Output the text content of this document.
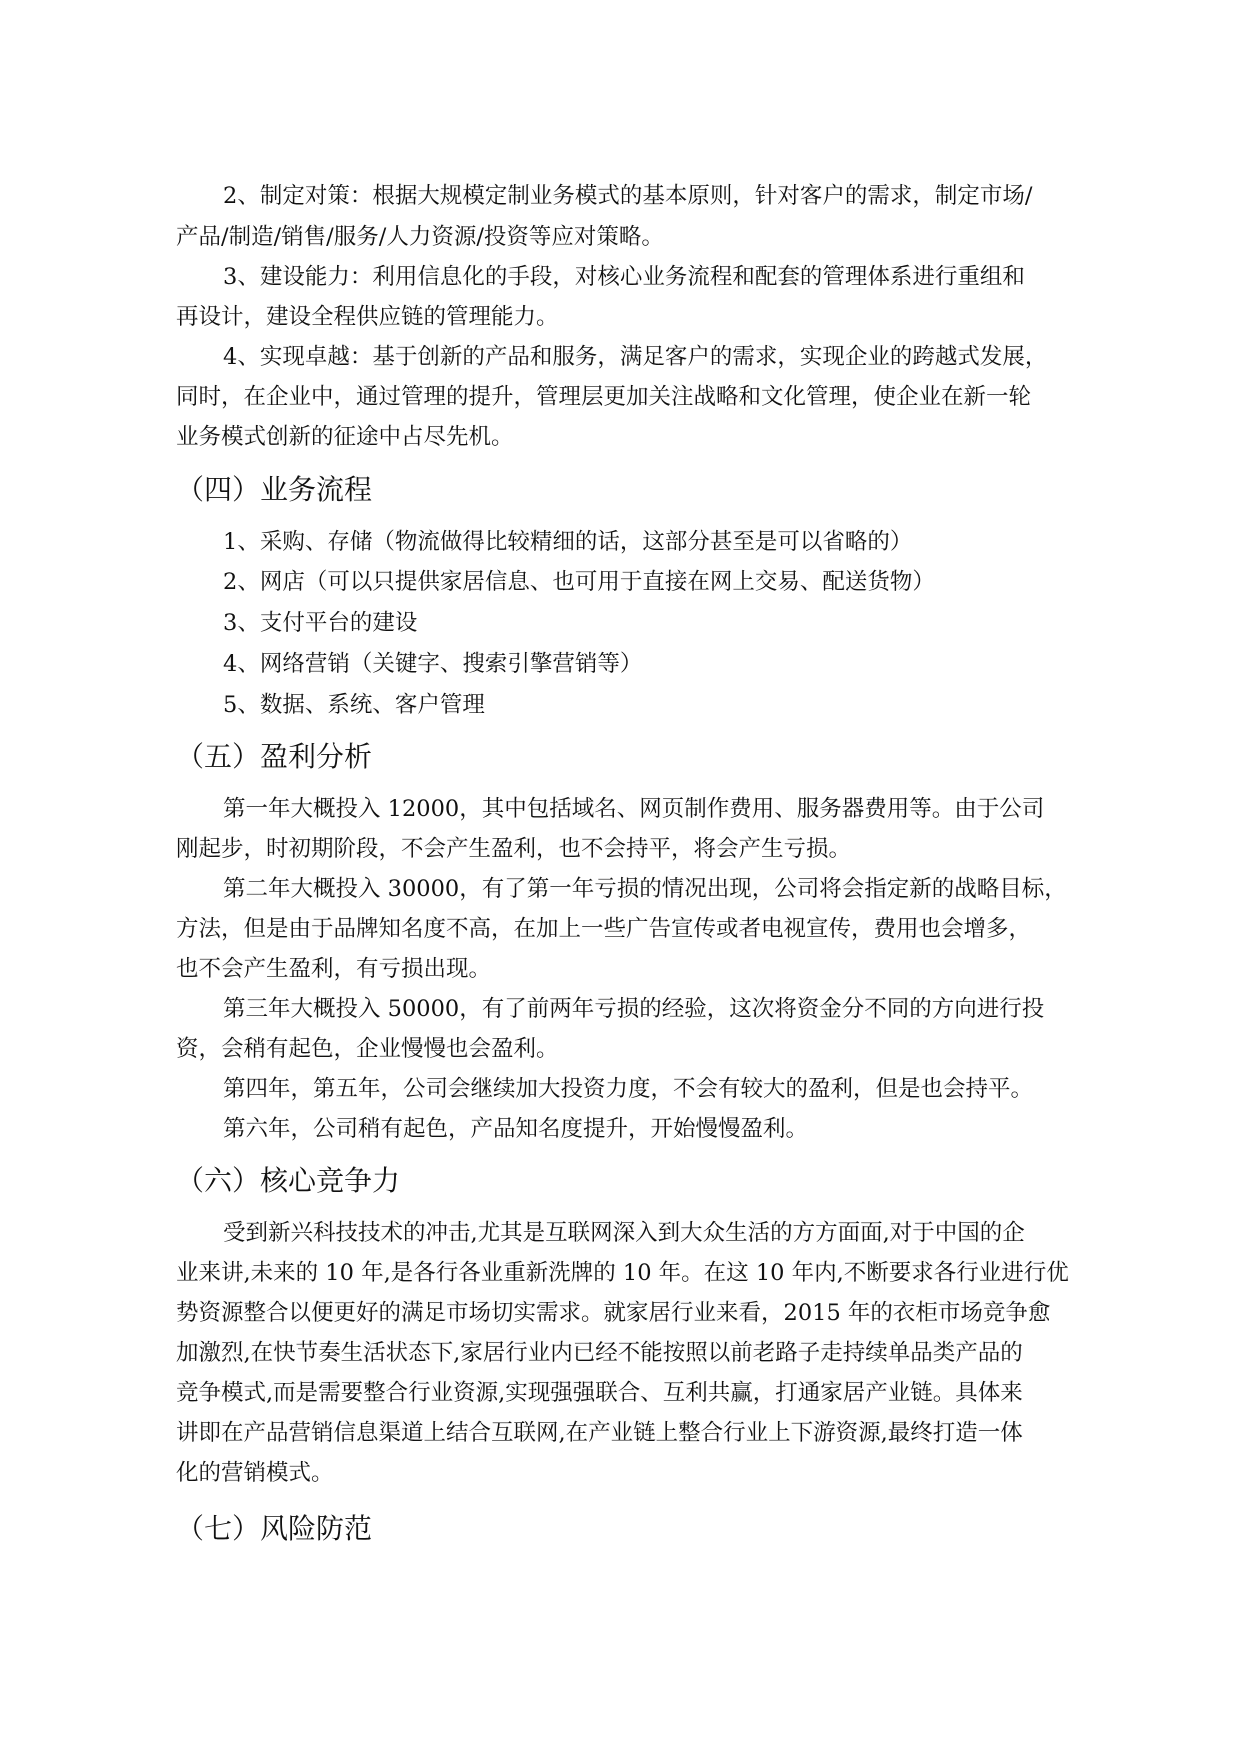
2、制定对策：根据大规模定制业务模式的基本原则，针对客户的需求，制定市场/
产品/制造/销售/服务/人力资源/投资等应对策略。
3、建设能力：利用信息化的手段，对核心业务流程和配套的管理体系进行重组和
再设计，建设全程供应链的管理能力。
4、实现卓越：基于创新的产品和服务，满足客户的需求，实现企业的跨越式发展，
同时，在企业中，通过管理的提升，管理层更加关注战略和文化管理，使企业在新一轮
业务模式创新的征途中占尽先机。
（四）业务流程
1、采购、存储（物流做得比较精细的话，这部分甚至是可以省略的）
2、网店（可以只提供家居信息、也可用于直接在网上交易、配送货物）
3、支付平台的建设
4、网络营销（关键字、搜索引擎营销等）
5、数据、系统、客户管理
（五）盈利分析
第一年大概投入 12000，其中包括域名、网页制作费用、服务器费用等。由于公司
刚起步，时初期阶段，不会产生盈利，也不会持平，将会产生亏损。
第二年大概投入 30000，有了第一年亏损的情况出现，公司将会指定新的战略目标，
方法，但是由于品牌知名度不高，在加上一些广告宣传或者电视宣传，费用也会增多，
也不会产生盈利，有亏损出现。
第三年大概投入 50000，有了前两年亏损的经验，这次将资金分不同的方向进行投
资，会稍有起色，企业慢慢也会盈利。
第四年，第五年，公司会继续加大投资力度，不会有较大的盈利，但是也会持平。
第六年，公司稍有起色，产品知名度提升，开始慢慢盈利。
（六）核心竞争力
受到新兴科技技术的冲击,尤其是互联网深入到大众生活的方方面面,对于中国的企
业来讲,未来的 10 年,是各行各业重新洗牌的 10 年。在这 10 年内,不断要求各行业进行优
势资源整合以便更好的满足市场切实需求。就家居行业来看，2015 年的衣柜市场竞争愈
加激烈,在快节奏生活状态下,家居行业内已经不能按照以前老路子走持续单品类产品的
竞争模式,而是需要整合行业资源,实现强强联合、互利共赢，打通家居产业链。具体来
讲即在产品营销信息渠道上结合互联网,在产业链上整合行业上下游资源,最终打造一体
化的营销模式。
（七）风险防范
